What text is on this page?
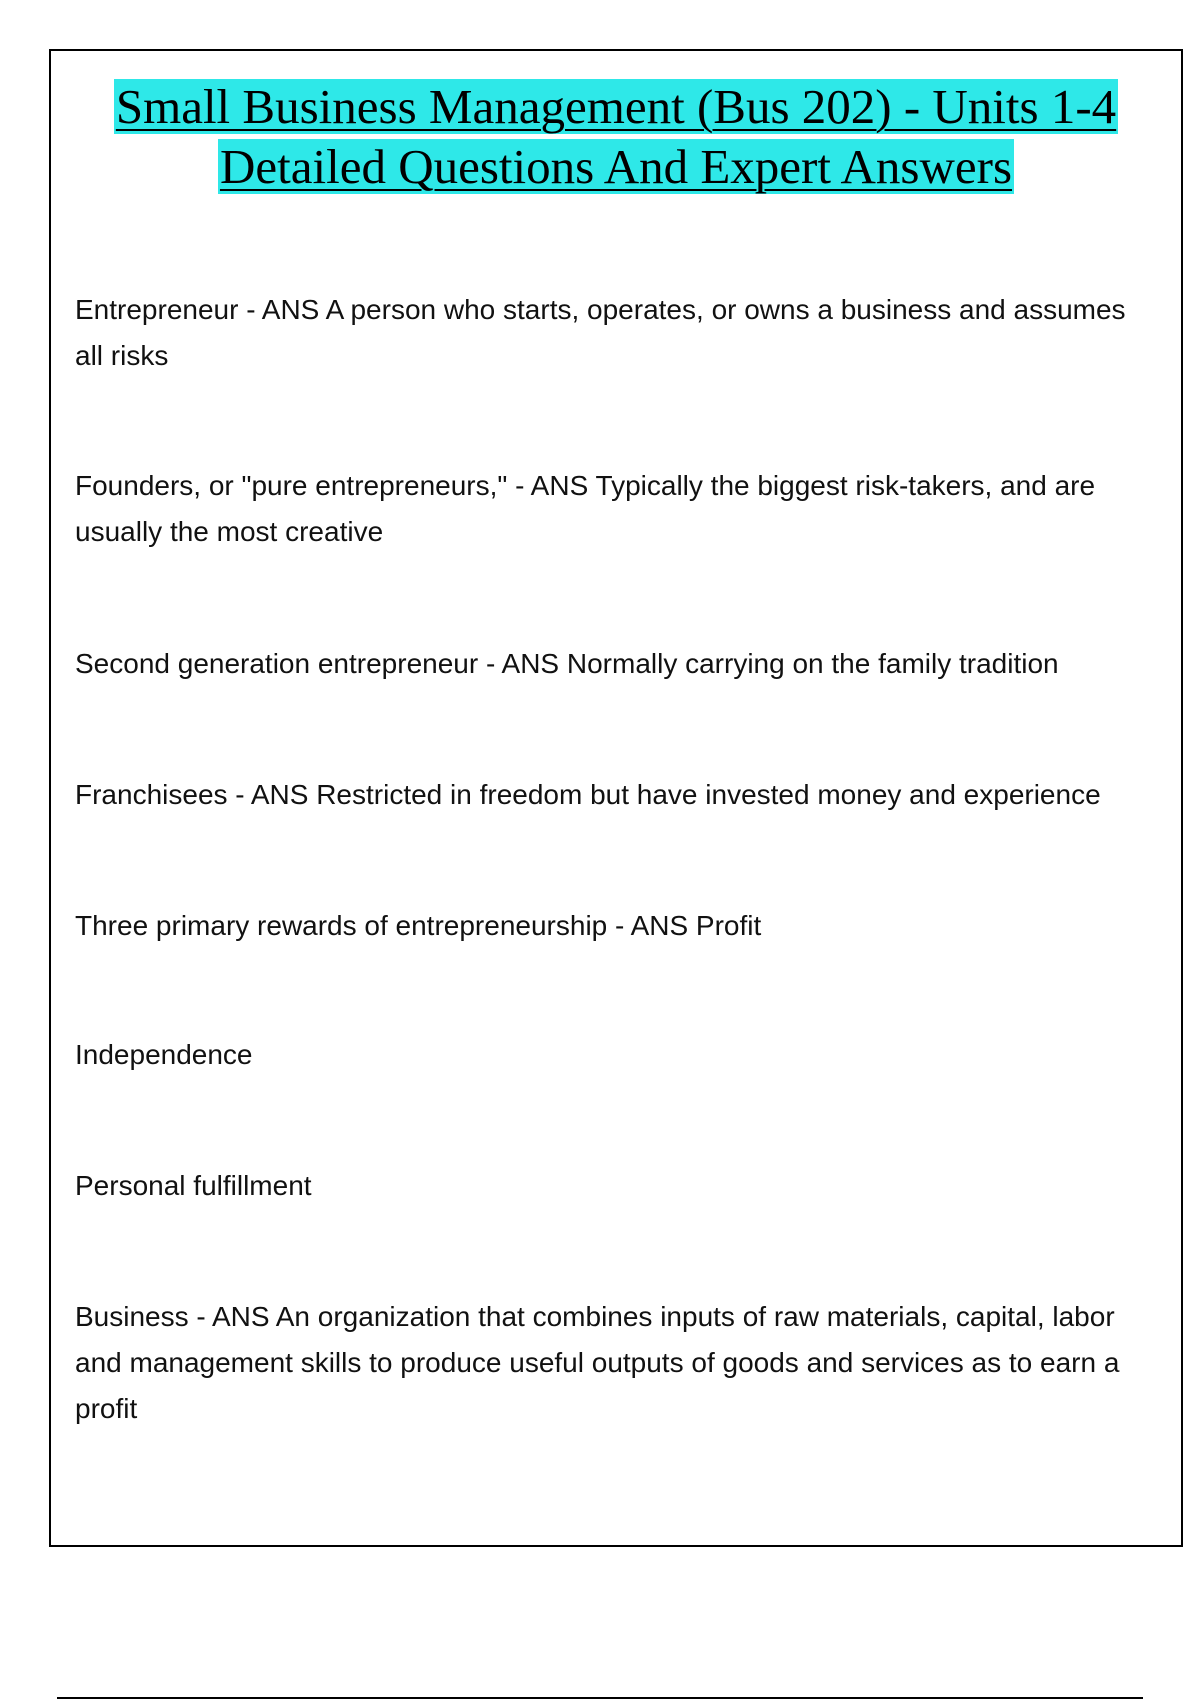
Small Business Management (Bus 202) - Units 1-4
Detailed Questions And Expert Answers

Entrepreneur - ANS A person who starts, operates, or owns a business and assumes all risks

Founders, or "pure entrepreneurs," - ANS Typically the biggest risk-takers, and are usually the most creative

Second generation entrepreneur - ANS Normally carrying on the family tradition

Franchisees - ANS Restricted in freedom but have invested money and experience

Three primary rewards of entrepreneurship - ANS Profit

Independence

Personal fulfillment

Business - ANS An organization that combines inputs of raw materials, capital, labor and management skills to produce useful outputs of goods and services as to earn a profit
